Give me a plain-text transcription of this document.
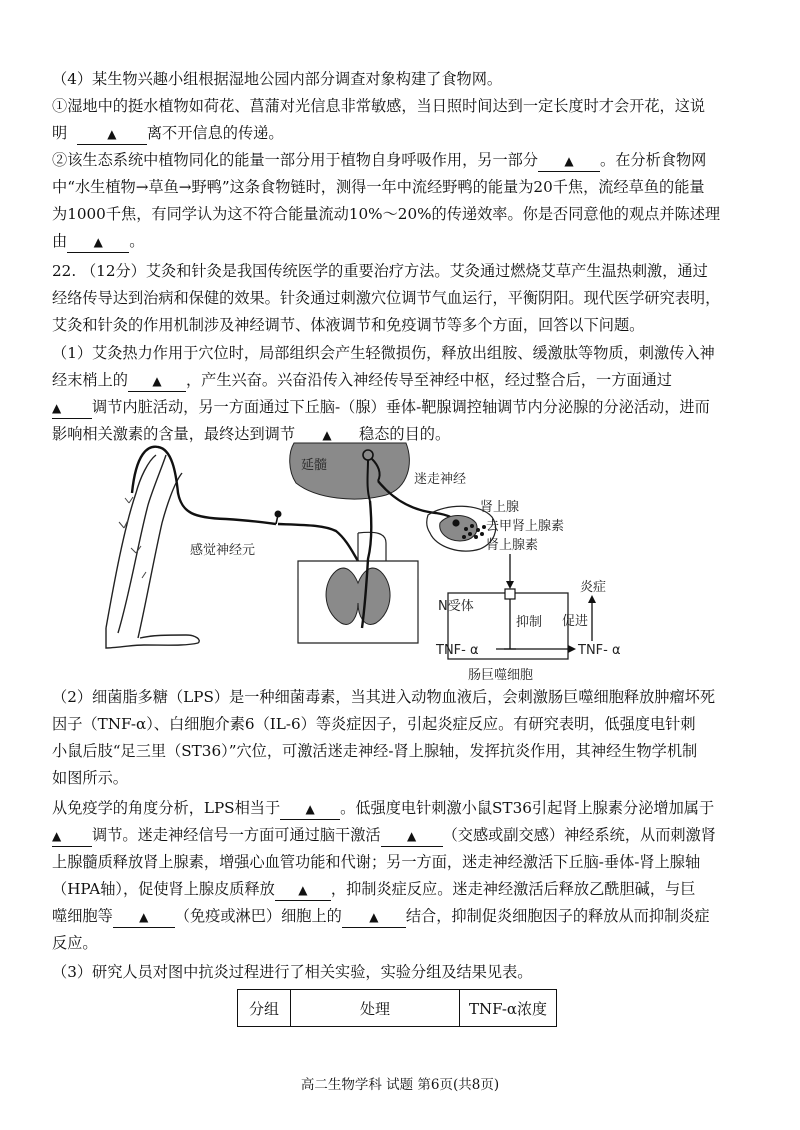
（4）某生物兴趣小组根据湿地公园内部分调查对象构建了食物网。

①湿地中的挺水植物如荷花、菖蒲对光信息非常敏感，当日照时间达到一定长度时才会开花，这说

明	▲ 离不开信息的传递。

②该生态系统中植物同化的能量一部分用于植物自身呼吸作用，另一部分 ▲ 。在分析食物网

中“水生植物→草鱼→野鸭”这条食物链时，测得一年中流经野鸭的能量为20千焦，流经草鱼的能量

为1000千焦，有同学认为这不符合能量流动10%～20%的传递效率。你是否同意他的观点并陈述理

由 ▲ 。

22. （12分）艾灸和针灸是我国传统医学的重要治疗方法。艾灸通过燃烧艾草产生温热刺激，通过

经络传导达到治病和保健的效果。针灸通过刺激穴位调节气血运行，平衡阴阳。现代医学研究表明，

艾灸和针灸的作用机制涉及神经调节、体液调节和免疫调节等多个方面，回答以下问题。

（1）艾灸热力作用于穴位时，局部组织会产生轻微损伤，释放出组胺、缓激肽等物质，刺激传入神

经末梢上的 ▲ ，产生兴奋。兴奋沿传入神经传导至神经中枢，经过整合后，一方面通过

▲ 调节内脏活动，另一方面通过下丘脑-（腺）垂体-靶腺调控轴调节内分泌腺的分泌活动，进而

影响相关激素的含量，最终达到调节 ▲ 稳态的目的。

延髓
迷走神经
肾上腺
去甲肾上腺素
肾上腺素
感觉神经元
N受体
抑制
TNF- α	TNF- α
促进
炎症
肠巨噬细胞

（2）细菌脂多糖（LPS）是一种细菌毒素，当其进入动物血液后，会刺激肠巨噬细胞释放肿瘤坏死

因子（TNF-α）、白细胞介素6（IL-6）等炎症因子，引起炎症反应。有研究表明，低强度电针刺

小鼠后肢“足三里（ST36）”穴位，可激活迷走神经-肾上腺轴，发挥抗炎作用，其神经生物学机制

如图所示。

从免疫学的角度分析，LPS相当于 ▲ 。低强度电针刺激小鼠ST36引起肾上腺素分泌增加属于

▲ 调节。迷走神经信号一方面可通过脑干激活 ▲ （交感或副交感）神经系统，从而刺激肾

上腺髓质释放肾上腺素，增强心血管功能和代谢；另一方面，迷走神经激活下丘脑-垂体-肾上腺轴

（HPA轴），促使肾上腺皮质释放 ▲ ，抑制炎症反应。迷走神经激活后释放乙酰胆碱，与巨

噬细胞等 ▲ （免疫或淋巴）细胞上的 ▲ 结合，抑制促炎细胞因子的释放从而抑制炎症

反应。

（3）研究人员对图中抗炎过程进行了相关实验，实验分组及结果见表。

分组	处理	TNF-α浓度
高二生物学科 试题 第6页(共8页)
